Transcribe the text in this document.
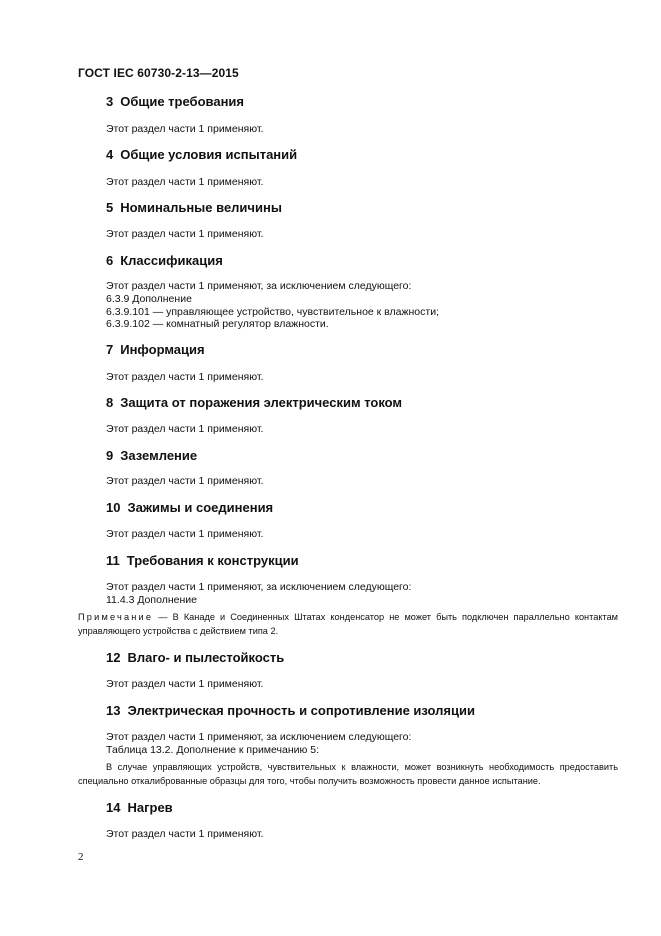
ГОСТ IEC 60730-2-13—2015
3 Общие требования
Этот раздел части 1 применяют.
4 Общие условия испытаний
Этот раздел части 1 применяют.
5 Номинальные величины
Этот раздел части 1 применяют.
6 Классификация
Этот раздел части 1 применяют, за исключением следующего:
6.3.9 Дополнение
6.3.9.101 — управляющее устройство, чувствительное к влажности;
6.3.9.102 — комнатный регулятор влажности.
7 Информация
Этот раздел части 1 применяют.
8 Защита от поражения электрическим током
Этот раздел части 1 применяют.
9 Заземление
Этот раздел части 1 применяют.
10 Зажимы и соединения
Этот раздел части 1 применяют.
11 Требования к конструкции
Этот раздел части 1 применяют, за исключением следующего:
11.4.3 Дополнение
Примечание — В Канаде и Соединенных Штатах конденсатор не может быть подключен параллельно контактам управляющего устройства с действием типа 2.
12 Влаго- и пылестойкость
Этот раздел части 1 применяют.
13 Электрическая прочность и сопротивление изоляции
Этот раздел части 1 применяют, за исключением следующего:
Таблица 13.2. Дополнение к примечанию 5:
В случае управляющих устройств, чувствительных к влажности, может возникнуть необходимость предоставить специально откалиброванные образцы для того, чтобы получить возможность провести данное испытание.
14 Нагрев
Этот раздел части 1 применяют.
2
